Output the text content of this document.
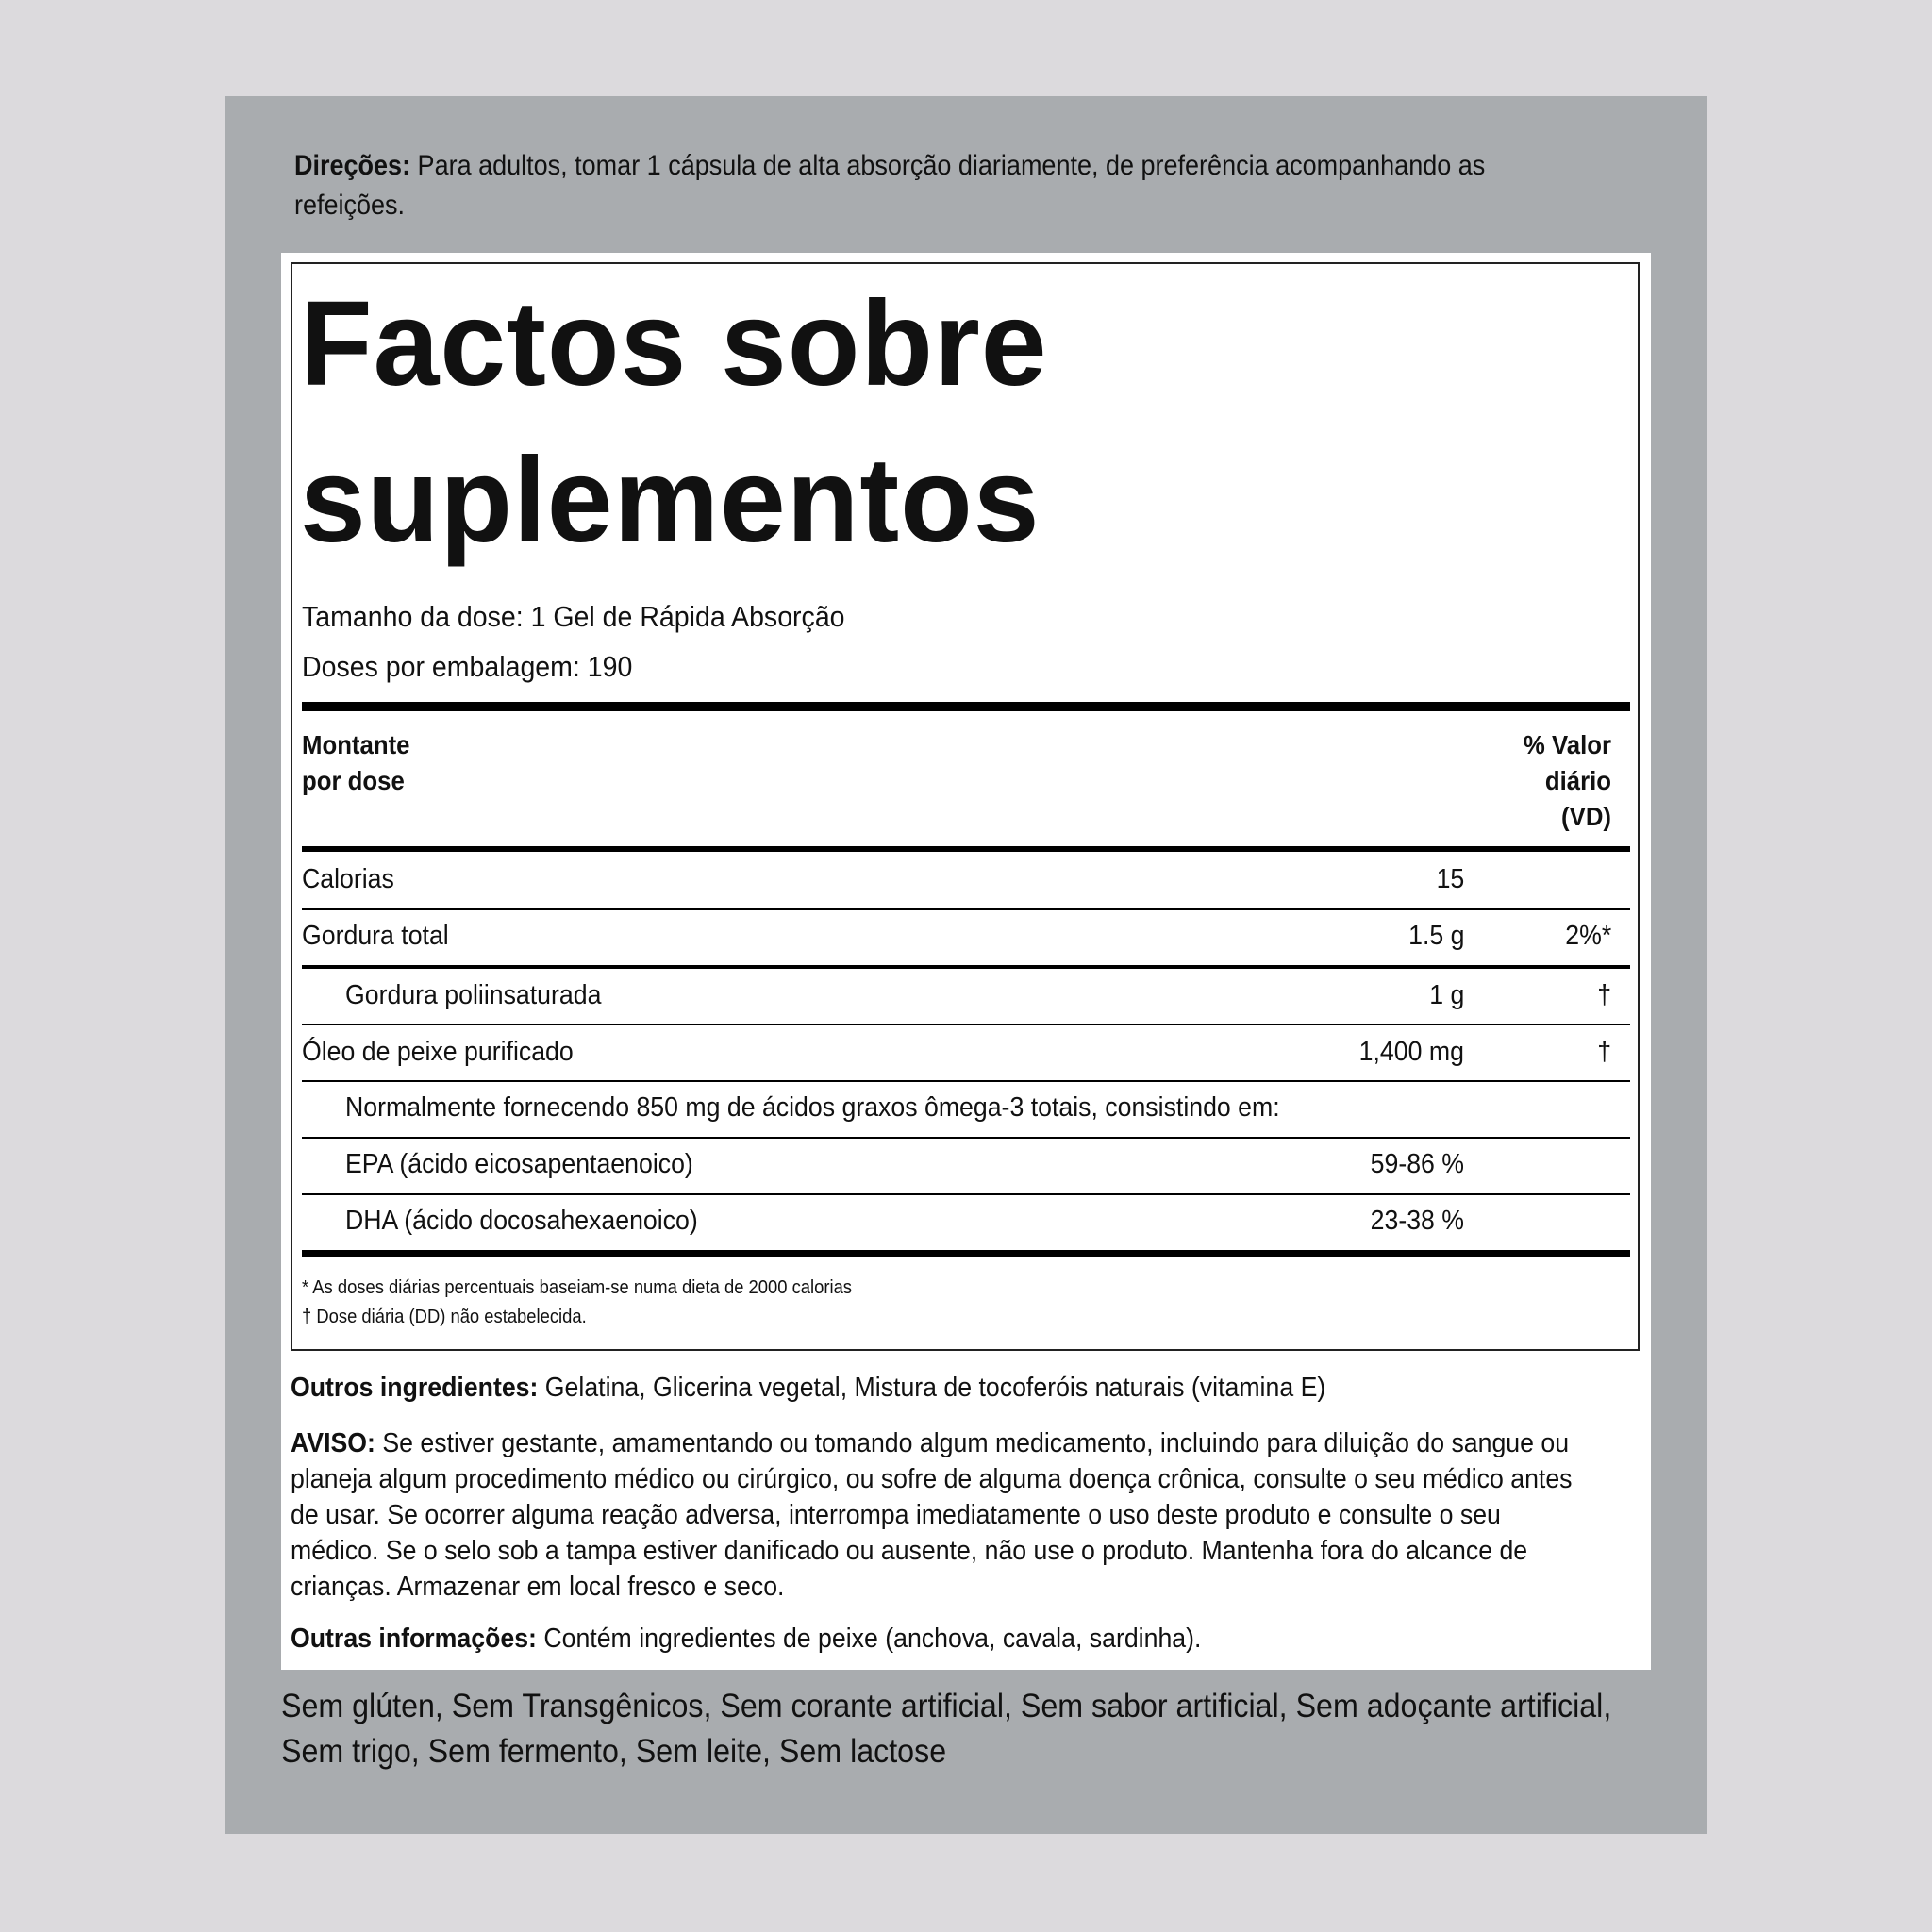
Direções: Para adultos, tomar 1 cápsula de alta absorção diariamente, de preferência acompanhando as refeições.
Factos sobre
suplementos
Tamanho da dose: 1 Gel de Rápida Absorção
Doses por embalagem: 190
Montante
por dose
% Valor
diário
(VD)
Calorias	15
Gordura total	1.5 g	2%*
Gordura poliinsaturada	1 g	†
Óleo de peixe purificado	1,400 mg	†
Normalmente fornecendo 850 mg de ácidos graxos ômega-3 totais, consistindo em:
EPA (ácido eicosapentaenoico)	59-86 %
DHA (ácido docosahexaenoico)	23-38 %
* As doses diárias percentuais baseiam-se numa dieta de 2000 calorias
† Dose diária (DD) não estabelecida.
Outros ingredientes: Gelatina, Glicerina vegetal, Mistura de tocoferóis naturais (vitamina E)
AVISO: Se estiver gestante, amamentando ou tomando algum medicamento, incluindo para diluição do sangue ou planeja algum procedimento médico ou cirúrgico, ou sofre de alguma doença crônica, consulte o seu médico antes de usar. Se ocorrer alguma reação adversa, interrompa imediatamente o uso deste produto e consulte o seu médico. Se o selo sob a tampa estiver danificado ou ausente, não use o produto. Mantenha fora do alcance de crianças. Armazenar em local fresco e seco.
Outras informações: Contém ingredientes de peixe (anchova, cavala, sardinha).
Sem glúten, Sem Transgênicos, Sem corante artificial, Sem sabor artificial, Sem adoçante artificial,
Sem trigo, Sem fermento, Sem leite, Sem lactose
